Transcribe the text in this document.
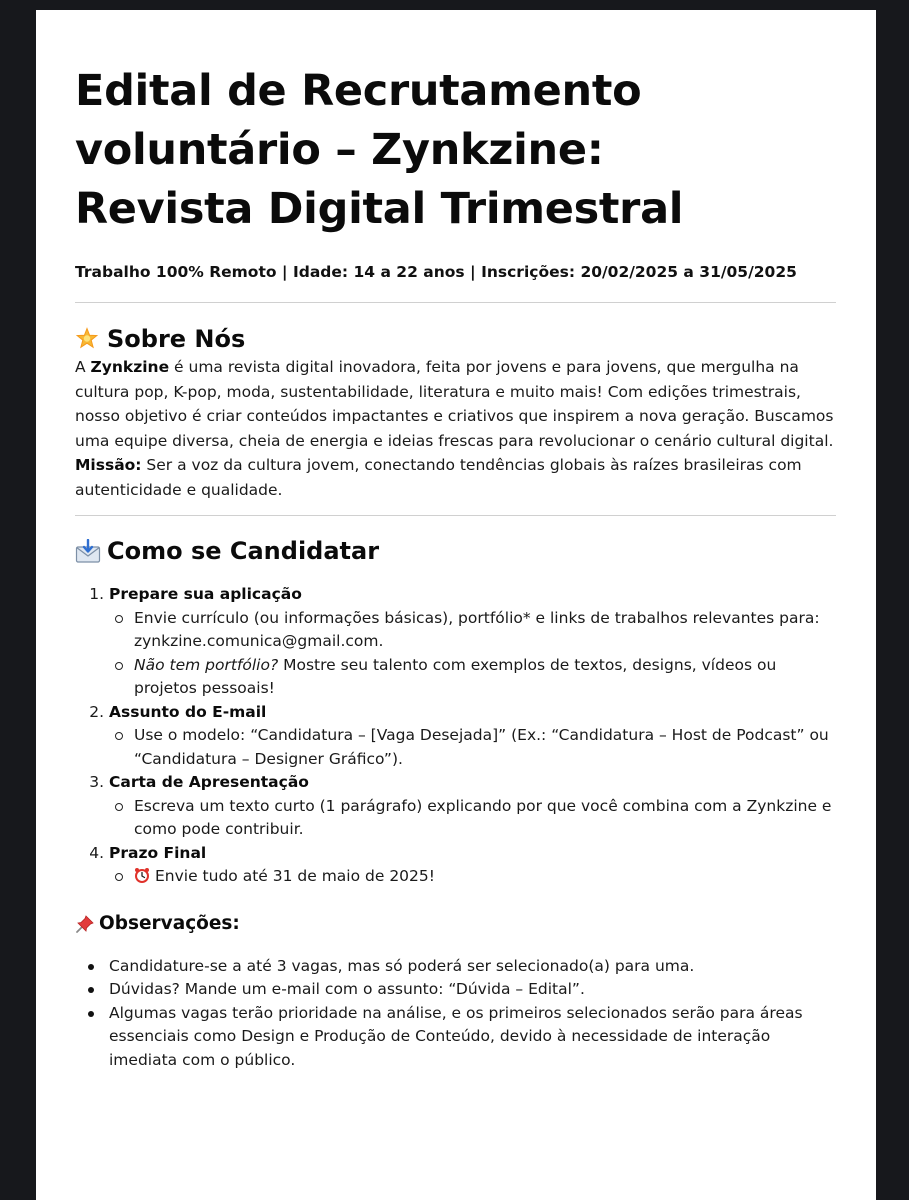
Edital de Recrutamento voluntário – Zynkzine: Revista Digital Trimestral
Trabalho 100% Remoto | Idade: 14 a 22 anos | Inscrições: 20/02/2025 a 31/05/2025
Sobre Nós

A Zynkzine é uma revista digital inovadora, feita por jovens e para jovens, que mergulha na cultura pop, K-pop, moda, sustentabilidade, literatura e muito mais! Com edições trimestrais, nosso objetivo é criar conteúdos impactantes e criativos que inspirem a nova geração. Buscamos uma equipe diversa, cheia de energia e ideias frescas para revolucionar o cenário cultural digital.

Missão: Ser a voz da cultura jovem, conectando tendências globais às raízes brasileiras com autenticidade e qualidade.

Como se Candidatar
1. Prepare sua aplicação
Envie currículo (ou informações básicas), portfólio* e links de trabalhos relevantes para: zynkzine.comunica@gmail.com.
Não tem portfólio? Mostre seu talento com exemplos de textos, designs, vídeos ou projetos pessoais!
2. Assunto do E-mail
Use o modelo: “Candidatura – [Vaga Desejada]” (Ex.: “Candidatura – Host de Podcast” ou “Candidatura – Designer Gráfico”).
3. Carta de Apresentação
Escreva um texto curto (1 parágrafo) explicando por que você combina com a Zynkzine e como pode contribuir.
4. Prazo Final
Envie tudo até 31 de maio de 2025!
Observações:
Candidature-se a até 3 vagas, mas só poderá ser selecionado(a) para uma.
Dúvidas? Mande um e-mail com o assunto: “Dúvida – Edital”.
Algumas vagas terão prioridade na análise, e os primeiros selecionados serão para áreas essenciais como Design e Produção de Conteúdo, devido à necessidade de interação imediata com o público.
